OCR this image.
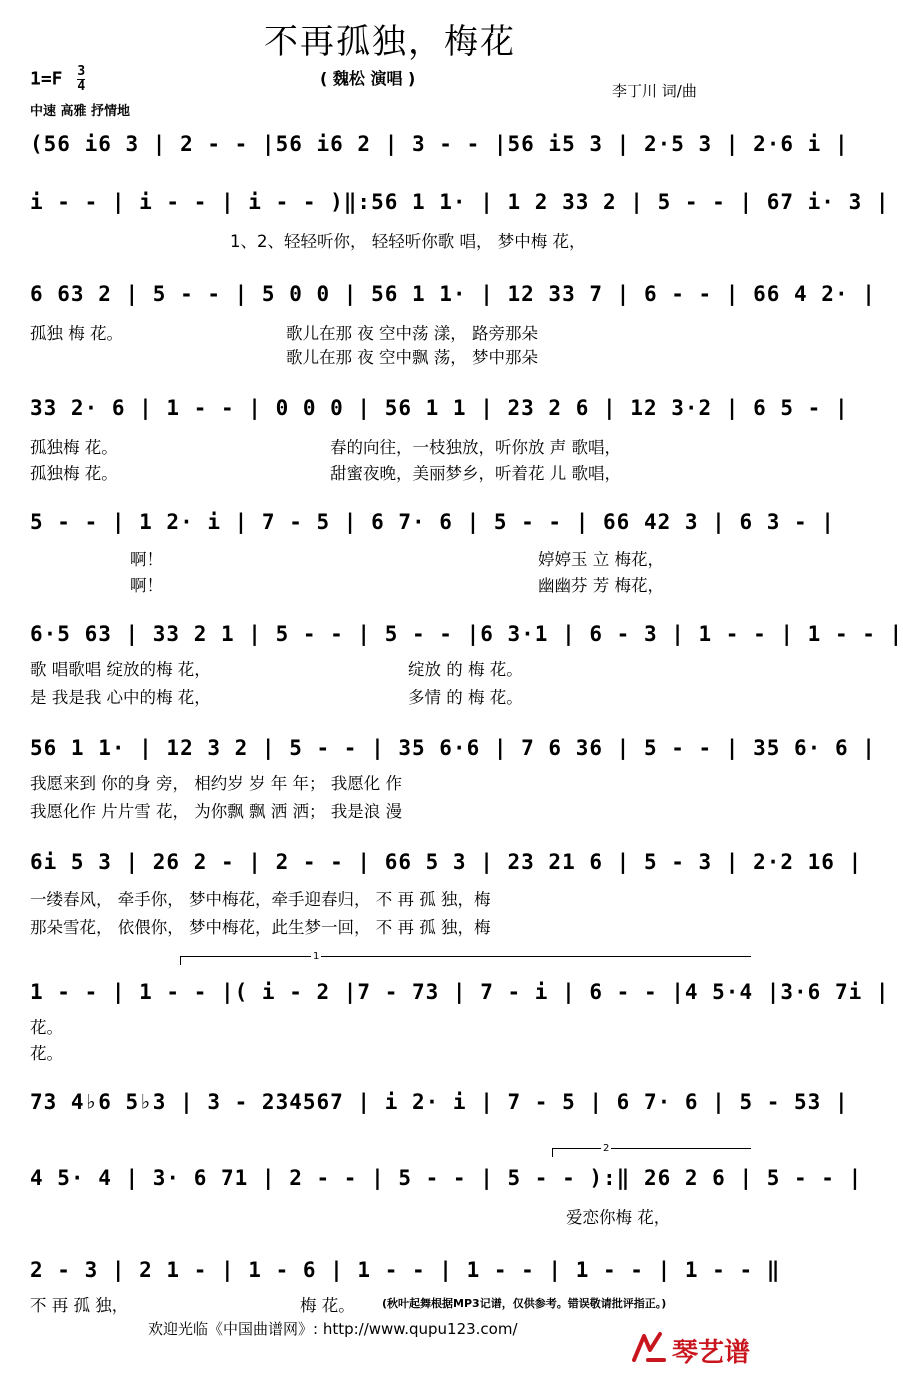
不再孤独，梅花
$1=F \frac{3}{4}$
中速 高雅 抒情地
( 魏松 演唱 )
李丁川 词/曲
(56 i6 3 | 2 - - |56 i6 2 | 3 - - |56 i5 3 | 2·5 3 | 2·6 i |
i - - | i - - | i - - )‖:56 1 1· | 1 2 33 2 | 5 - - | 67 i· 3 |
1、2、轻轻听你， 轻轻听你歌 唱， 梦中梅 花，
6 63 2 | 5 - - | 5 0 0 | 56 1 1· | 12 33 7 | 6 - - | 66 4 2· |
孤独 梅 花。	歌儿在那 夜 空中荡 漾， 路旁那朵
歌儿在那 夜 空中飘 荡， 梦中那朵
33 2· 6 | 1 - - | 0 0 0 | 56 1 1 | 23 2 6 | 12 3·2 | 6 5 - |
孤独梅 花。	春的向往，一枝独放，听你放 声 歌唱，
孤独梅 花。	甜蜜夜晚，美丽梦乡，听着花 儿 歌唱，
5 - - | 1 2· i | 7 - 5 | 6 7· 6 | 5 - - | 66 42 3 | 6 3 - |
啊！	婷婷玉 立 梅花，
啊！	幽幽芬 芳 梅花，
6·5 63 | 33 2 1 | 5 - - | 5 - - |6 3·1 | 6 - 3 | 1 - - | 1 - - |
歌 唱歌唱 绽放的梅 花，	绽放 的 梅 花。
是 我是我 心中的梅 花，	多情 的 梅 花。
56 1 1· | 12 3 2 | 5 - - | 35 6·6 | 7 6 36 | 5 - - | 35 6· 6 |
我愿来到 你的身 旁， 相约岁 岁 年 年； 我愿化 作
我愿化作 片片雪 花， 为你飘 飘 洒 洒； 我是浪 漫
6i 5 3 | 26 2 - | 2 - - | 66 5 3 | 23 21 6 | 5 - 3 | 2·2 16 |
一缕春风， 牵手你， 梦中梅花，牵手迎春归， 不 再 孤 独，梅
那朵雪花， 依偎你， 梦中梅花，此生梦一回， 不 再 孤 独，梅
1
1 - - | 1 - - |( i - 2 |7 - 73 | 7 - i | 6 - - |4 5·4 |3·6 7i |
花。
花。
73 4♭6 5♭3 | 3 - 234567 | i 2· i | 7 - 5 | 6 7· 6 | 5 - 53 |
2
4 5· 4 | 3· 6 71 | 2 - - | 5 - - | 5 - - ):‖ 26 2 6 | 5 - - |
爱恋你梅 花，
2 - 3 | 2 1 - | 1 - 6 | 1 - - | 1 - - | 1 - - | 1 - - ‖
不 再 孤 独，	梅 花。 (秋叶起舞根据MP3记谱，仅供参考。错误敬请批评指正。)
欢迎光临《中国曲谱网》: http://www.qupu123.com/
琴艺谱
